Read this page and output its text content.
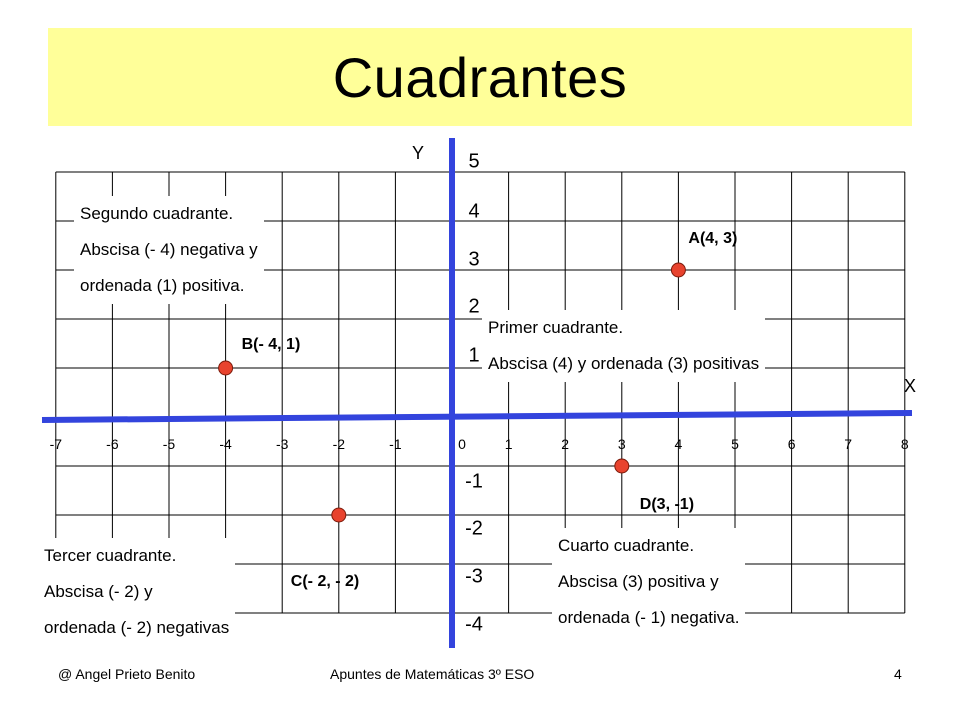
Cuadrantes
Y
X
-7	-6	-5	-4	-3	-2	-1	0	1	2	3	4	5	6	7	8
5
4
3
2
1
-1
-2
-3
-4
A(4, 3)
B(- 4, 1)
C(- 2, - 2)
D(3, -1)
Segundo cuadrante.
Abscisa (- 4) negativa y
ordenada (1) positiva.
Primer cuadrante.
Abscisa (4) y ordenada (3) positivas
Tercer cuadrante.
Abscisa (- 2) y
ordenada (- 2) negativas
Cuarto cuadrante.
Abscisa (3) positiva y
ordenada (- 1) negativa.
@ Angel Prieto Benito	Apuntes de Matemáticas 3º ESO	4
